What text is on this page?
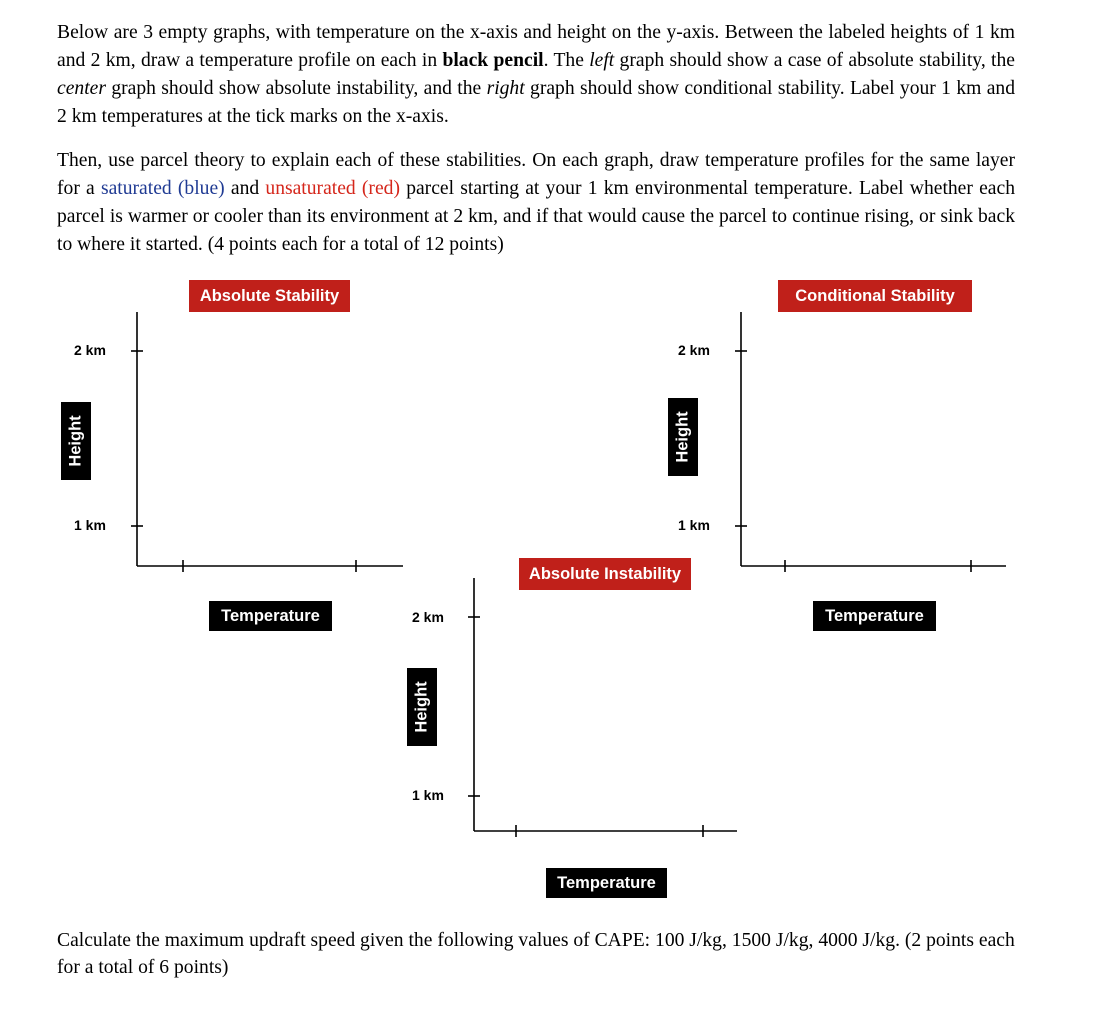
Below are 3 empty graphs, with temperature on the x-axis and height on the y-axis. Between the labeled heights of 1 km and 2 km, draw a temperature profile on each in black pencil. The left graph should show a case of absolute stability, the center graph should show absolute instability, and the right graph should show conditional stability. Label your 1 km and 2 km temperatures at the tick marks on the x-axis.

Then, use parcel theory to explain each of these stabilities. On each graph, draw temperature profiles for the same layer for a saturated (blue) and unsaturated (red) parcel starting at your 1 km environmental temperature. Label whether each parcel is warmer or cooler than its environment at 2 km, and if that would cause the parcel to continue rising, or sink back to where it started. (4 points each for a total of 12 points)

Absolute Stability
2 km
1 km
Height
Temperature
Absolute Instability
2 km
1 km
Height
Temperature
Conditional Stability
2 km
1 km
Height
Temperature

Calculate the maximum updraft speed given the following values of CAPE: 100 J/kg, 1500 J/kg, 4000 J/kg. (2 points each for a total of 6 points)
